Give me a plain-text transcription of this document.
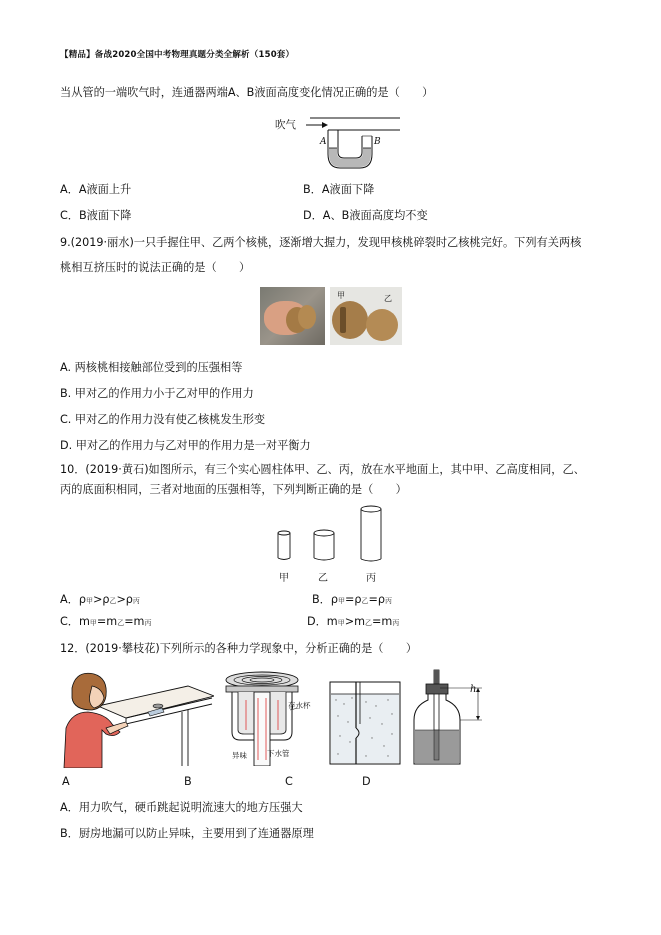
【精品】备战2020全国中考物理真题分类全解析（150套）
当从管的一端吹气时，连通器两端A、B液面高度变化情况正确的是（　　）
吹气
A	B
A．A液面上升	B．A液面下降
C．B液面下降	D．A、B液面高度均不变
9.(2019·丽水)一只手握住甲、乙两个核桃，逐渐增大握力，发现甲核桃碎裂时乙核桃完好。下列有关两核
桃相互挤压时的说法正确的是（　　）
甲	乙
A. 两核桃相接触部位受到的压强相等
B. 甲对乙的作用力小于乙对甲的作用力
C. 甲对乙的作用力没有使乙核桃发生形变
D. 甲对乙的作用力与乙对甲的作用力是一对平衡力
10．(2019·黄石)如图所示，有三个实心圆柱体甲、乙、丙，放在水平地面上，其中甲、乙高度相同，乙、
丙的底面积相同，三者对地面的压强相等，下列判断正确的是（　　）
甲	乙	丙
A．ρ甲>ρ乙>ρ丙	B．ρ甲=ρ乙=ρ丙
C．m甲=m乙=m丙	D．m甲>m乙=m丙
12．(2019·攀枝花)下列所示的各种力学现象中，分析正确的是（　　）
存水杯
异味	下水管
h
A	B	C	D
A．用力吹气，硬币跳起说明流速大的地方压强大
B．厨房地漏可以防止异味，主要用到了连通器原理
